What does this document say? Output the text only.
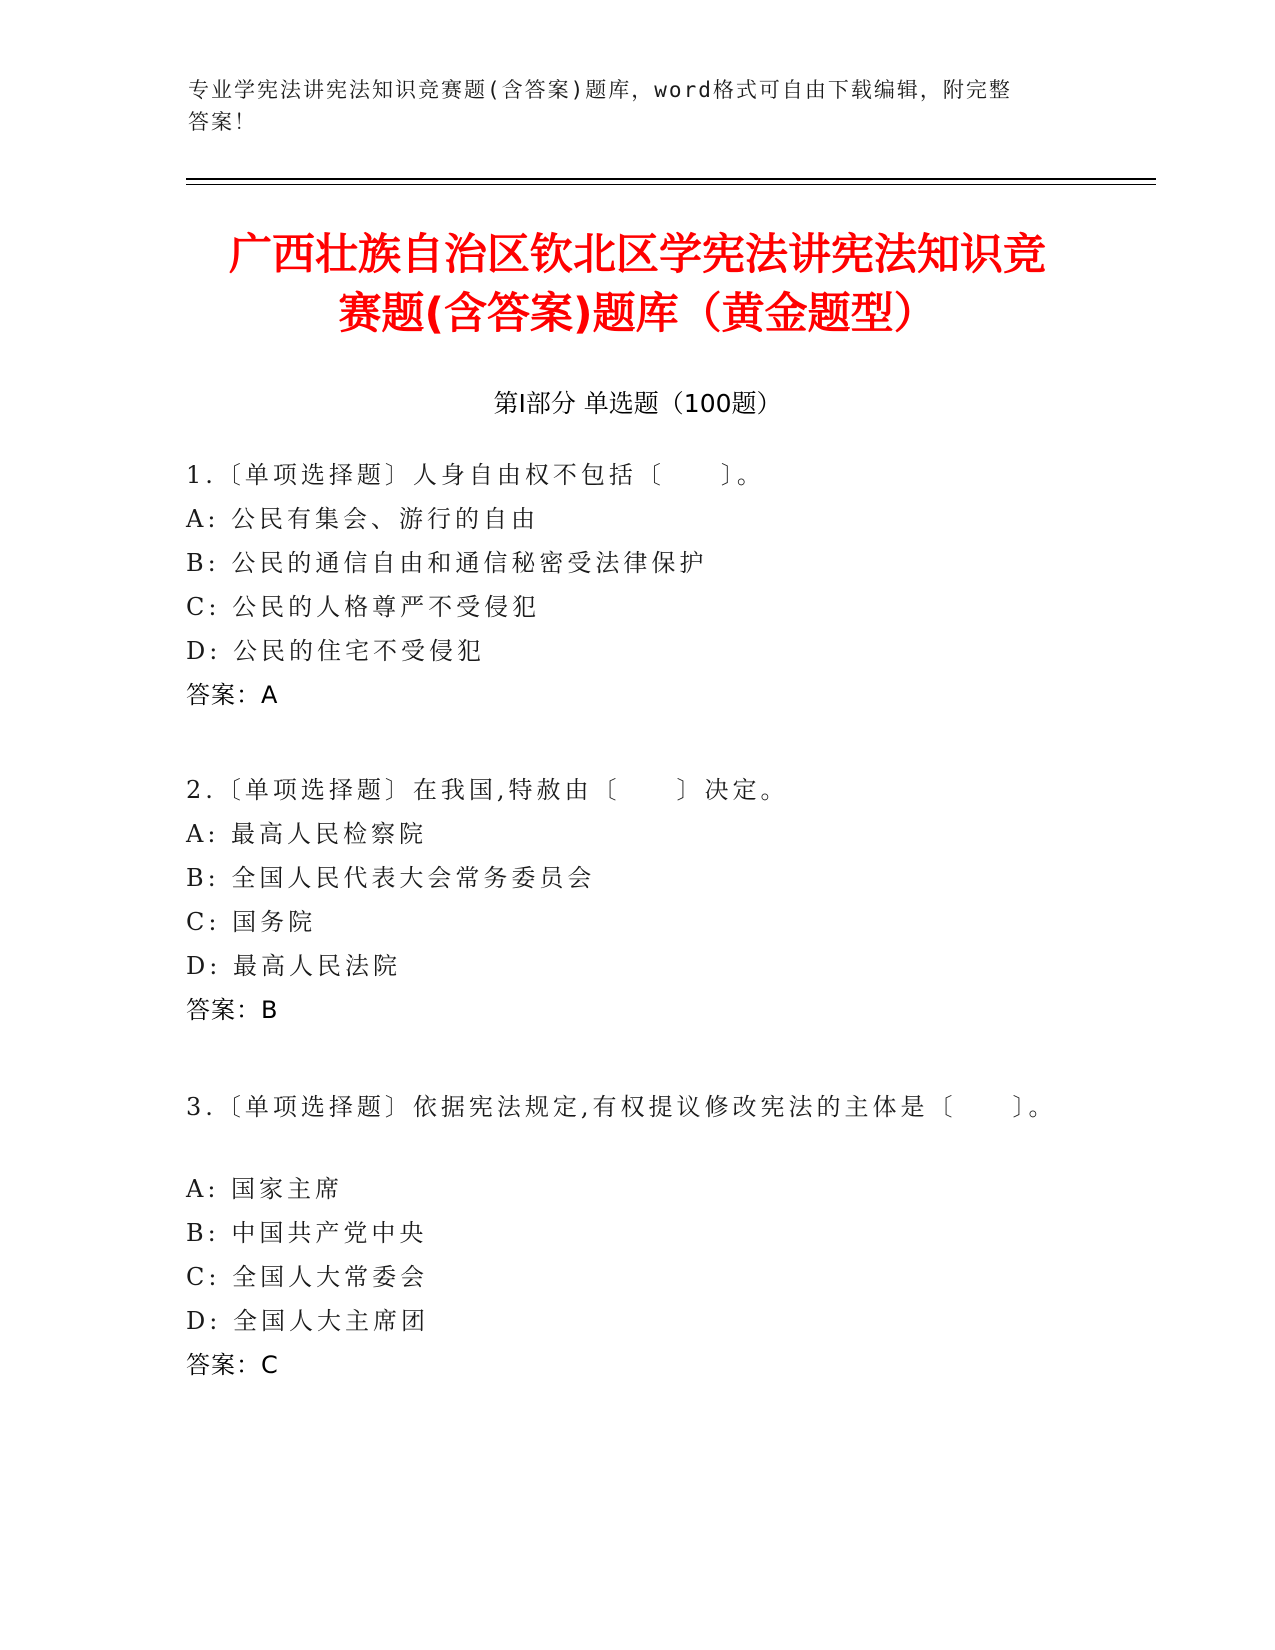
专业学宪法讲宪法知识竞赛题(含答案)题库，word格式可自由下载编辑，附完整
答案！
广西壮族自治区钦北区学宪法讲宪法知识竞
赛题(含答案)题库（黄金题型）
第Ⅰ部分 单选题（100题）
1.〔单项选择题〕人身自由权不包括〔　　〕。
A: 公民有集会、游行的自由
B: 公民的通信自由和通信秘密受法律保护
C: 公民的人格尊严不受侵犯
D: 公民的住宅不受侵犯
答案：A
2.〔单项选择题〕在我国,特赦由〔　　〕决定。
A: 最高人民检察院
B: 全国人民代表大会常务委员会
C: 国务院
D: 最高人民法院
答案：B
3.〔单项选择题〕依据宪法规定,有权提议修改宪法的主体是〔　　〕。
A: 国家主席
B: 中国共产党中央
C: 全国人大常委会
D: 全国人大主席团
答案：C
